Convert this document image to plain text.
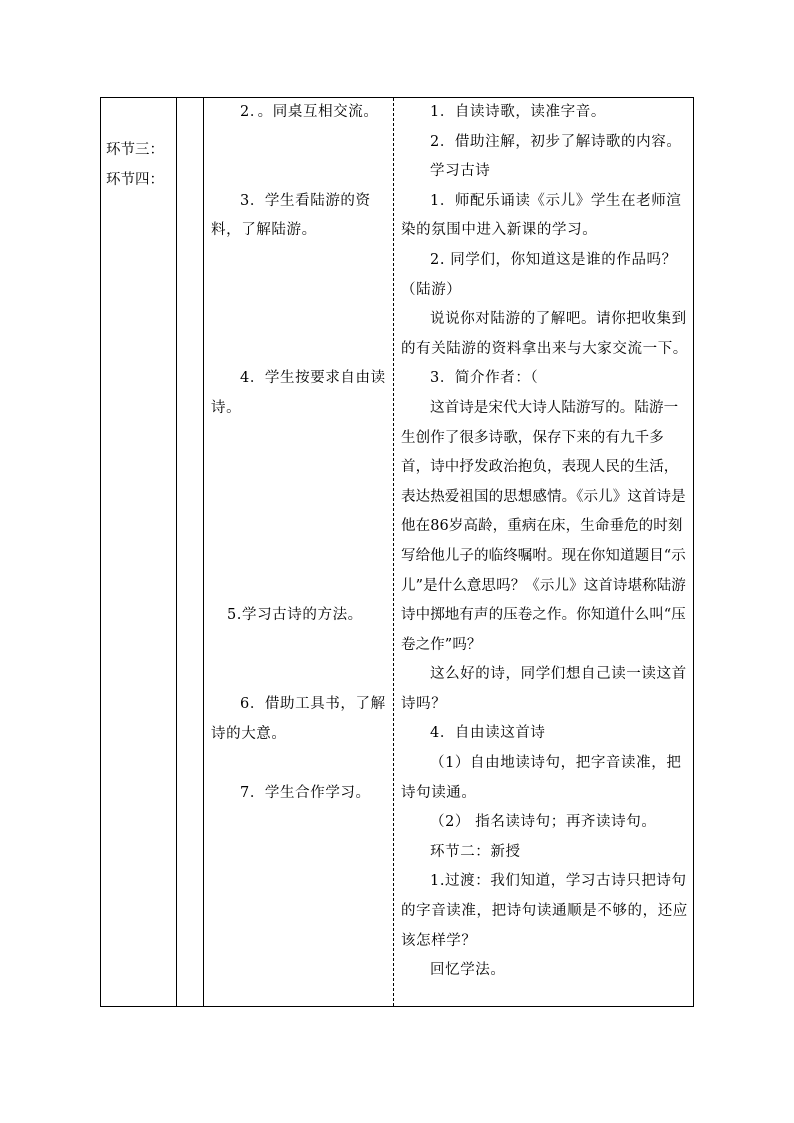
环节三：
环节四：
2．。同桌互相交流。
3．学生看陆游的资料，了解陆游。
4．学生按要求自由读诗。
5.学习古诗的方法。
6．借助工具书，了解诗的大意。
7．学生合作学习。
1．自读诗歌，读准字音。
2．借助注解，初步了解诗歌的内容。
学习古诗
1．师配乐诵读《示儿》学生在老师渲染的氛围中进入新课的学习。
2. 同学们，你知道这是谁的作品吗？（陆游）
说说你对陆游的了解吧。请你把收集到的有关陆游的资料拿出来与大家交流一下。
3．简介作者：（
这首诗是宋代大诗人陆游写的。陆游一生创作了很多诗歌，保存下来的有九千多首，诗中抒发政治抱负，表现人民的生活，表达热爱祖国的思想感情。《示儿》这首诗是他在86岁高龄，重病在床，生命垂危的时刻写给他儿子的临终嘱咐。现在你知道题目“示儿”是什么意思吗？《示儿》这首诗堪称陆游诗中掷地有声的压卷之作。你知道什么叫“压卷之作”吗？
这么好的诗，同学们想自己读一读这首诗吗？
4．自由读这首诗
（1）自由地读诗句，把字音读准，把诗句读通。
（2） 指名读诗句；再齐读诗句。
环节二：新授
1.过渡：我们知道，学习古诗只把诗句的字音读准，把诗句读通顺是不够的，还应该怎样学？
回忆学法。
